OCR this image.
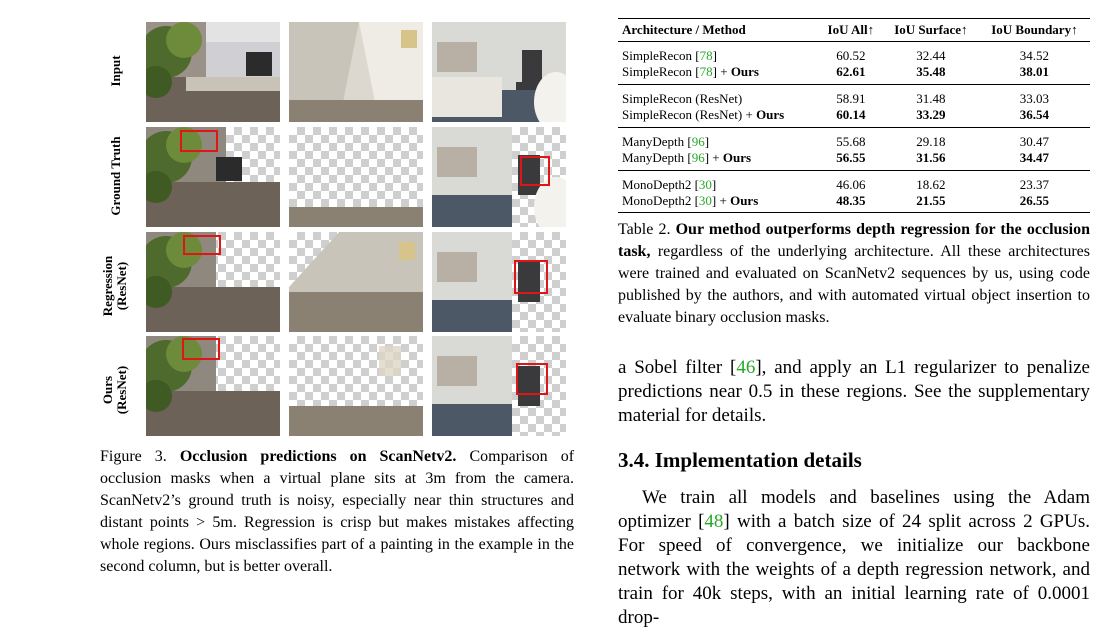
Input
Ground Truth
Regression
(ResNet)
Ours
(ResNet)
Figure 3. Occlusion predictions on ScanNetv2. Comparison of occlusion masks when a virtual plane sits at 3m from the camera. ScanNetv2’s ground truth is noisy, especially near thin structures and distant points > 5m. Regression is crisp but makes mistakes affecting whole regions. Ours misclassifies part of a painting in the example in the second column, but is better overall.
Architecture / Method	IoU All↑	IoU Surface↑	IoU Boundary↑
SimpleRecon [78]	60.52	32.44	34.52
SimpleRecon [78] + Ours	62.61	35.48	38.01
SimpleRecon (ResNet)	58.91	31.48	33.03
SimpleRecon (ResNet) + Ours	60.14	33.29	36.54
ManyDepth [96]	55.68	29.18	30.47
ManyDepth [96] + Ours	56.55	31.56	34.47
MonoDepth2 [30]	46.06	18.62	23.37
MonoDepth2 [30] + Ours	48.35	21.55	26.55
Table 2. Our method outperforms depth regression for the occlusion task, regardless of the underlying architecture. All these architectures were trained and evaluated on ScanNetv2 sequences by us, using code published by the authors, and with automated virtual object insertion to evaluate binary occlusion masks.
a Sobel filter [46], and apply an L1 regularizer to penalize predictions near 0.5 in these regions. See the supplementary material for details.
3.4. Implementation details
We train all models and baselines using the Adam optimizer [48] with a batch size of 24 split across 2 GPUs. For speed of convergence, we initialize our backbone network with the weights of a depth regression network, and train for 40k steps, with an initial learning rate of 0.0001 drop-
